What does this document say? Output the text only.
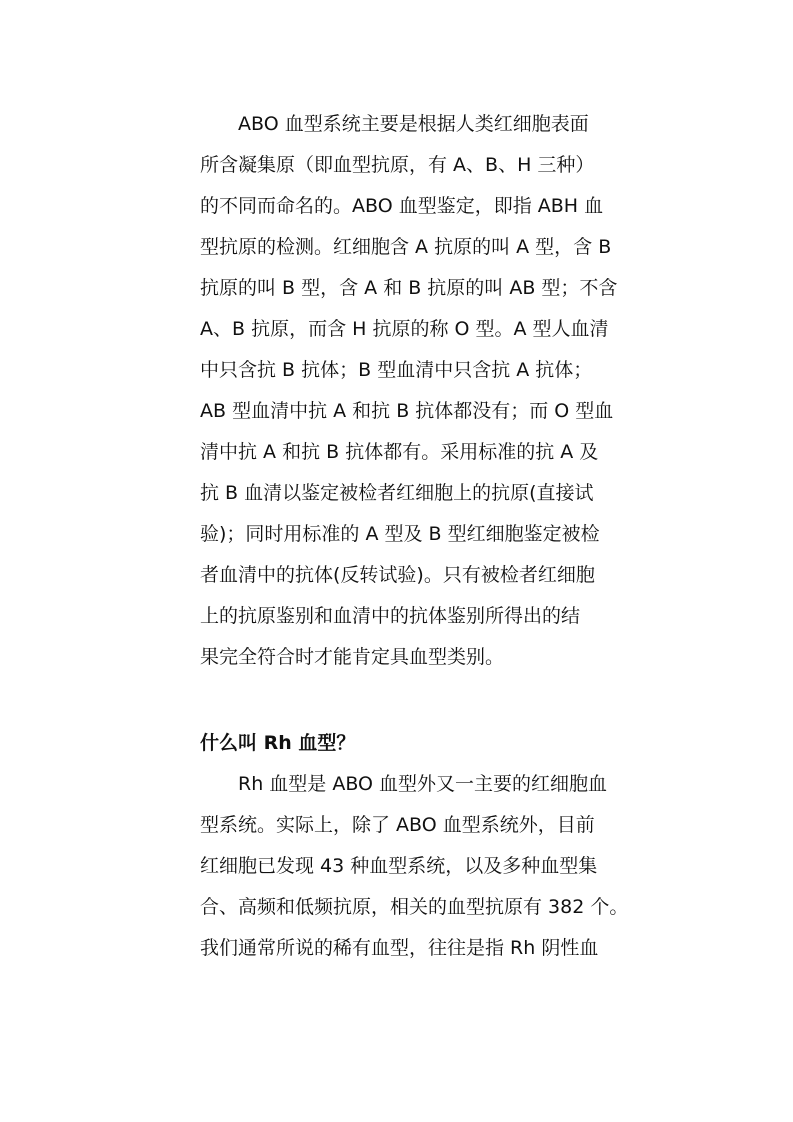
ABO 血型系统主要是根据人类红细胞表面
所含凝集原（即血型抗原，有 A、B、H 三种）
的不同而命名的。ABO 血型鉴定，即指 ABH 血
型抗原的检测。红细胞含 A 抗原的叫 A 型，含 B
抗原的叫 B 型，含 A 和 B 抗原的叫 AB 型；不含
A、B 抗原，而含 H 抗原的称 O 型。A 型人血清
中只含抗 B 抗体；B 型血清中只含抗 A 抗体；
AB 型血清中抗 A 和抗 B 抗体都没有；而 O 型血
清中抗 A 和抗 B 抗体都有。采用标准的抗 A 及
抗 B 血清以鉴定被检者红细胞上的抗原(直接试
验)；同时用标准的 A 型及 B 型红细胞鉴定被检
者血清中的抗体(反转试验)。只有被检者红细胞
上的抗原鉴别和血清中的抗体鉴别所得出的结
果完全符合时才能肯定具血型类别。
什么叫 Rh 血型？
Rh 血型是 ABO 血型外又一主要的红细胞血
型系统。实际上，除了 ABO 血型系统外，目前
红细胞已发现 43 种血型系统，以及多种血型集
合、高频和低频抗原，相关的血型抗原有 382 个。
我们通常所说的稀有血型，往往是指 Rh 阴性血
